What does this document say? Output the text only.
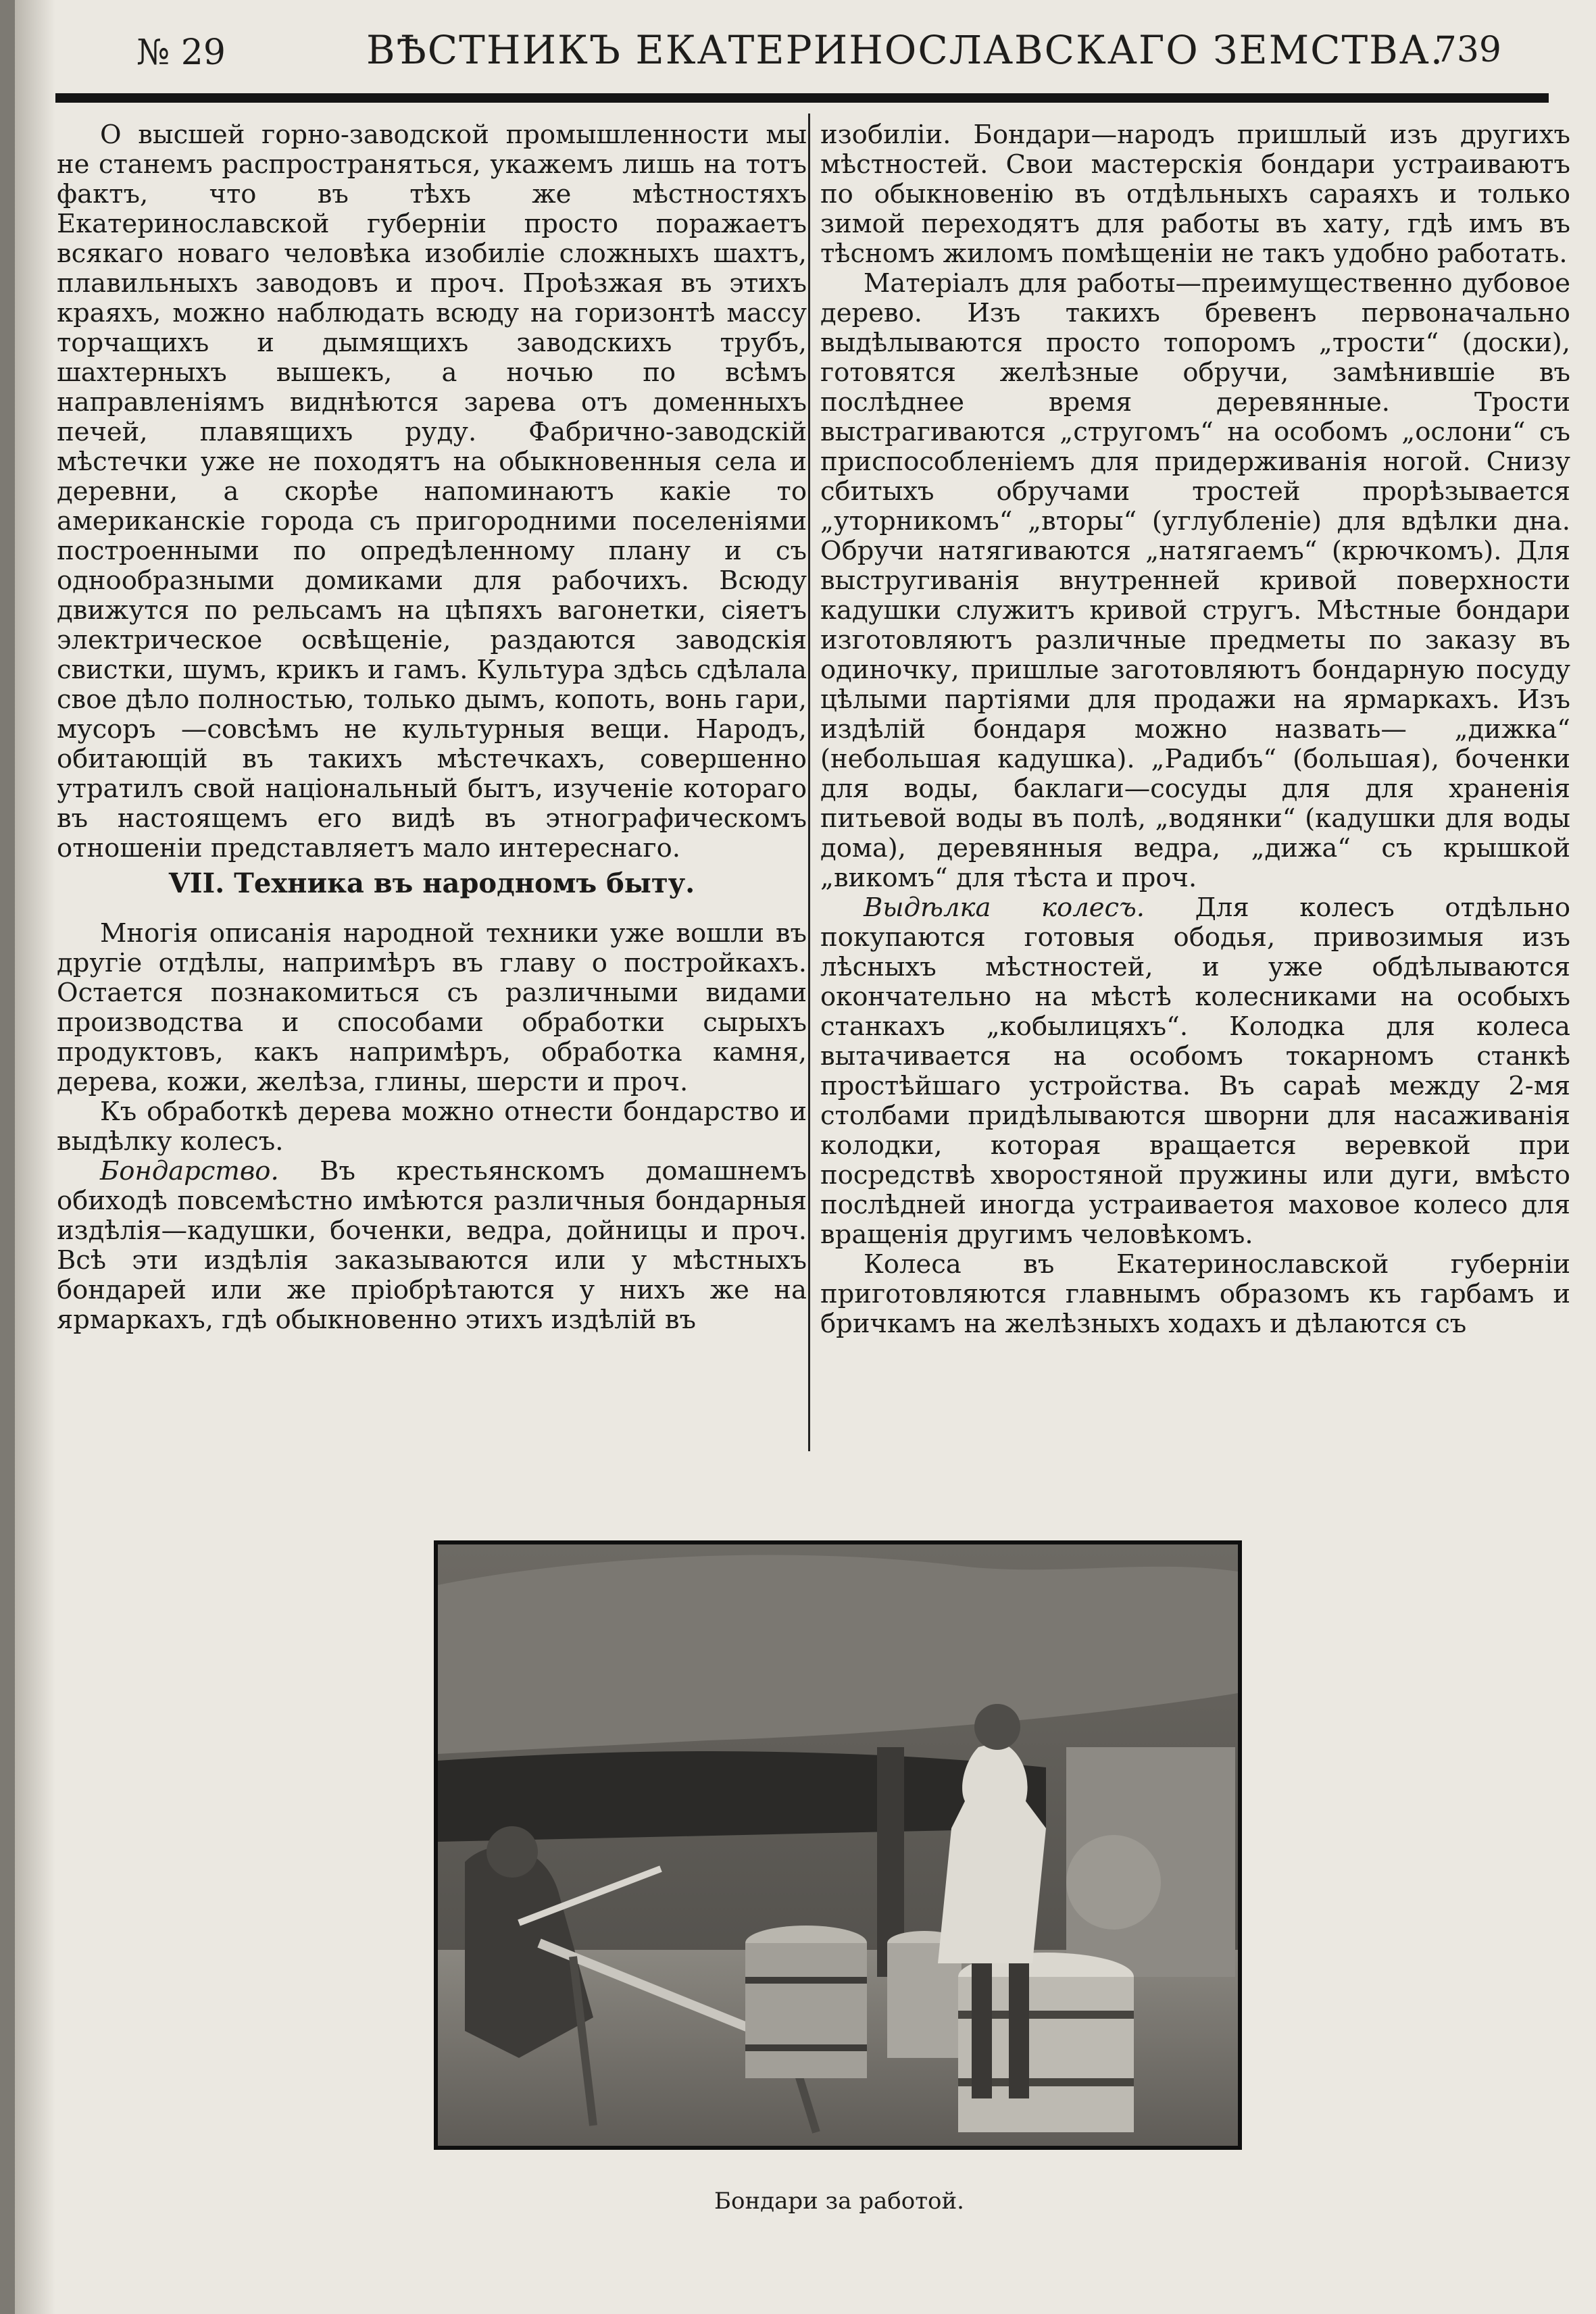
№ 29	ВѢСТНИКЪ ЕКАТЕРИНОСЛАВСКАГО ЗЕМСТВА.
739

О высшей горно-заводской промышленности мы не станемъ распространяться, укажемъ лишь на тотъ фактъ, что въ тѣхъ же мѣстностяхъ Екатеринославской губерніи просто поражаетъ всякаго новаго человѣка изобиліе сложныхъ шахтъ, плавильныхъ заводовъ и проч. Проѣзжая въ этихъ краяхъ, можно наблюдать всюду на горизонтѣ массу торчащихъ и дымящихъ заводскихъ трубъ, шахтерныхъ вышекъ, а ночью по всѣмъ направленіямъ виднѣются зарева отъ доменныхъ печей, плавящихъ руду. Фабрично-заводскій мѣстечки уже не походятъ на обыкновенныя села и деревни, а скорѣе напоминаютъ какіе то американскіе города съ пригородними поселеніями построенными по опредѣленному плану и съ однообразными домиками для рабочихъ. Всюду движутся по рельсамъ на цѣпяхъ вагонетки, сіяетъ электрическое освѣщеніе, раздаются заводскія свистки, шумъ, крикъ и гамъ. Культура здѣсь сдѣлала свое дѣло полностью, только дымъ, копоть, вонь гари, мусоръ —совсѣмъ не культурныя вещи. Народъ, обитающій въ такихъ мѣстечкахъ, совершенно утратилъ свой національный бытъ, изученіе котораго въ настоящемъ его видѣ въ этнографическомъ отношеніи представляетъ мало интереснаго.

VII. Техника въ народномъ быту.

Многія описанія народной техники уже вошли въ другіе отдѣлы, напримѣръ въ главу о постройкахъ. Остается познакомиться съ различными видами производства и способами обработки сырыхъ продуктовъ, какъ напримѣръ, обработка камня, дерева, кожи, желѣза, глины, шерсти и проч.

Къ обработкѣ дерева можно отнести бондарство и выдѣлку колесъ.

Бондарство. Въ крестьянскомъ домашнемъ обиходѣ повсемѣстно имѣются различныя бондарныя издѣлія—кадушки, боченки, ведра, дойницы и проч. Всѣ эти издѣлія заказываются или у мѣстныхъ бондарей или же пріобрѣтаются у нихъ же на ярмаркахъ, гдѣ обыкновенно этихъ издѣлій въ

изобиліи. Бондари—народъ пришлый изъ другихъ мѣстностей. Свои мастерскія бондари устраиваютъ по обыкновенію въ отдѣльныхъ сараяхъ и только зимой переходятъ для работы въ хату, гдѣ имъ въ тѣсномъ жиломъ помѣщеніи не такъ удобно работать.

Матеріалъ для работы—преимущественно дубовое дерево. Изъ такихъ бревенъ первоначально выдѣлываются просто топоромъ „трости“ (доски), готовятся желѣзные обручи, замѣнившіе въ послѣднее время деревянные. Трости выстрагиваются „стругомъ“ на особомъ „ослони“ съ приспособленіемъ для придерживанія ногой. Снизу сбитыхъ обручами тростей прорѣзывается „уторникомъ“ „вторы“ (углубленіе) для вдѣлки дна. Обручи натягиваются „натягаемъ“ (крючкомъ). Для выстругиванія внутренней кривой поверхности кадушки служитъ кривой стругъ. Мѣстные бондари изготовляютъ различные предметы по заказу въ одиночку, пришлые заготовляютъ бондарную посуду цѣлыми партіями для продажи на ярмаркахъ. Изъ издѣлій бондаря можно назвать— „дижка“ (небольшая кадушка). „Радибъ“ (большая), боченки для воды, баклаги—сосуды для для храненія питьевой воды въ полѣ, „водянки“ (кадушки для воды дома), деревянныя ведра, „дижа“ съ крышкой „викомъ“ для тѣста и проч.

Выдѣлка колесъ. Для колесъ отдѣльно покупаются готовыя ободья, привозимыя изъ лѣсныхъ мѣстностей, и уже обдѣлываются окончательно на мѣстѣ колесниками на особыхъ станкахъ „кобылицяхъ“. Колодка для колеса вытачивается на особомъ токарномъ станкѣ простѣйшаго устройства. Въ сараѣ между 2-мя столбами придѣлываются шворни для насаживанія колодки, которая вращается веревкой при посредствѣ хворостяной пружины или дуги, вмѣсто послѣдней иногда устраиваетоя маховое колесо для вращенія другимъ человѣкомъ.

Колеса въ Екатеринославской губерніи приготовляются главнымъ образомъ къ гарбамъ и бричкамъ на желѣзныхъ ходахъ и дѣлаются съ

Бондари за работой.
